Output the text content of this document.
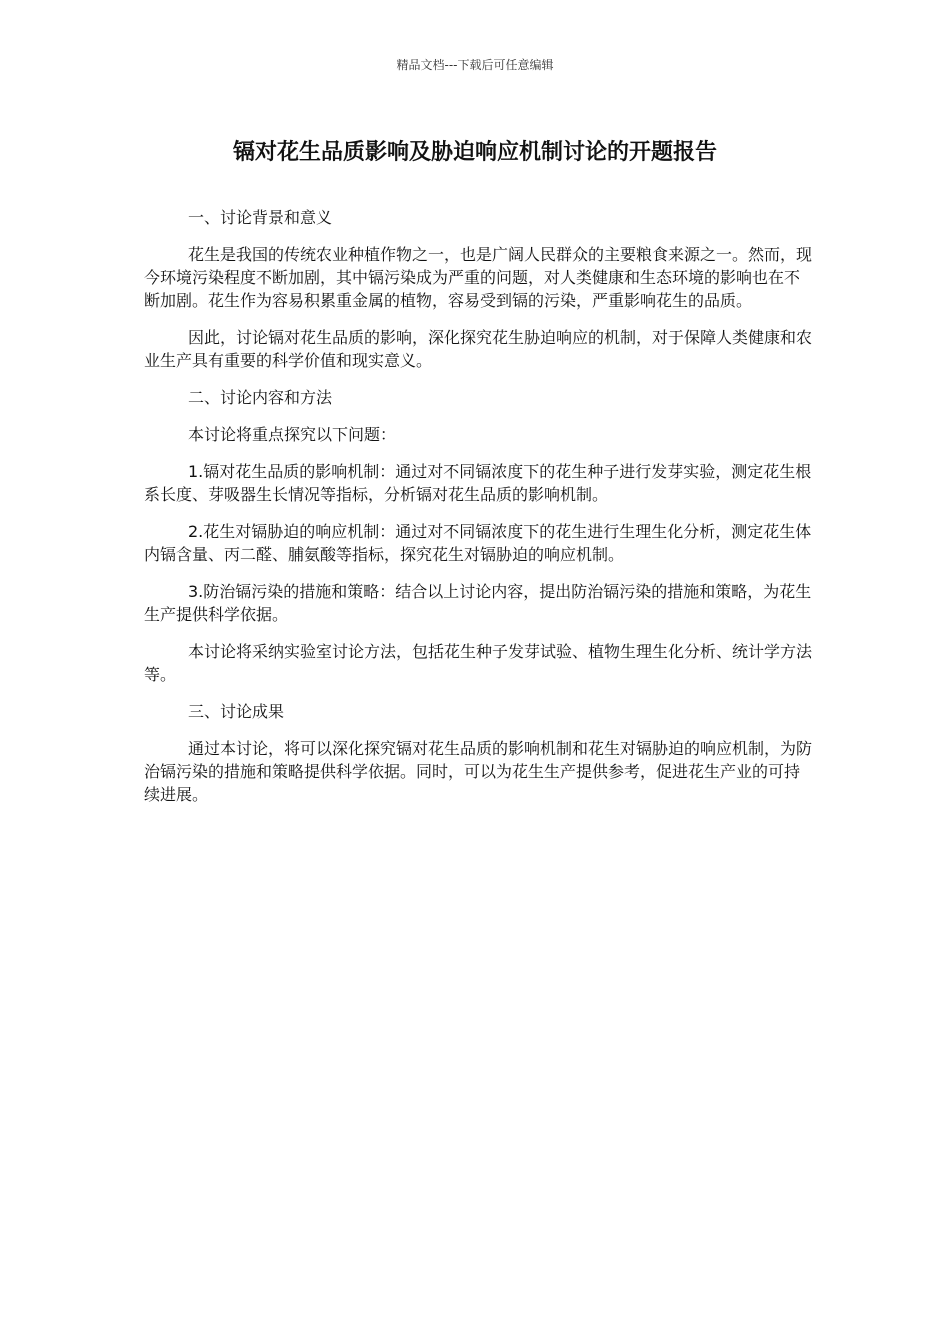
精品文档---下载后可任意编辑
镉对花生品质影响及胁迫响应机制讨论的开题报告

一、讨论背景和意义

花生是我国的传统农业种植作物之一，也是广阔人民群众的主要粮食来源之一。然而，现今环境污染程度不断加剧，其中镉污染成为严重的问题，对人类健康和生态环境的影响也在不断加剧。花生作为容易积累重金属的植物，容易受到镉的污染，严重影响花生的品质。

因此，讨论镉对花生品质的影响，深化探究花生胁迫响应的机制，对于保障人类健康和农业生产具有重要的科学价值和现实意义。

二、讨论内容和方法

本讨论将重点探究以下问题：

1.镉对花生品质的影响机制：通过对不同镉浓度下的花生种子进行发芽实验，测定花生根系长度、芽吸器生长情况等指标，分析镉对花生品质的影响机制。

2.花生对镉胁迫的响应机制：通过对不同镉浓度下的花生进行生理生化分析，测定花生体内镉含量、丙二醛、脯氨酸等指标，探究花生对镉胁迫的响应机制。

3.防治镉污染的措施和策略：结合以上讨论内容，提出防治镉污染的措施和策略，为花生生产提供科学依据。

本讨论将采纳实验室讨论方法，包括花生种子发芽试验、植物生理生化分析、统计学方法等。

三、讨论成果

通过本讨论，将可以深化探究镉对花生品质的影响机制和花生对镉胁迫的响应机制，为防治镉污染的措施和策略提供科学依据。同时，可以为花生生产提供参考，促进花生产业的可持续进展。
